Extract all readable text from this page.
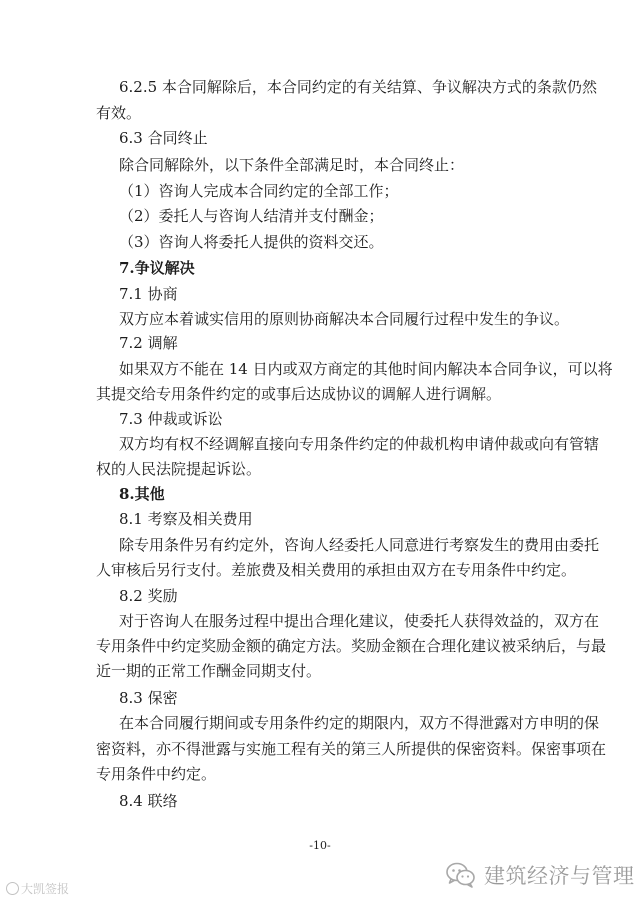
6.2.5 本合同解除后，本合同约定的有关结算、争议解决方式的条款仍然
有效。
6.3 合同终止
除合同解除外，以下条件全部满足时，本合同终止：
（1）咨询人完成本合同约定的全部工作；
（2）委托人与咨询人结清并支付酬金；
（3）咨询人将委托人提供的资料交还。
7.争议解决
7.1 协商
双方应本着诚实信用的原则协商解决本合同履行过程中发生的争议。
7.2 调解
如果双方不能在 14 日内或双方商定的其他时间内解决本合同争议，可以将
其提交给专用条件约定的或事后达成协议的调解人进行调解。
7.3 仲裁或诉讼
双方均有权不经调解直接向专用条件约定的仲裁机构申请仲裁或向有管辖
权的人民法院提起诉讼。
8.其他
8.1 考察及相关费用
除专用条件另有约定外，咨询人经委托人同意进行考察发生的费用由委托
人审核后另行支付。差旅费及相关费用的承担由双方在专用条件中约定。
8.2 奖励
对于咨询人在服务过程中提出合理化建议，使委托人获得效益的，双方在
专用条件中约定奖励金额的确定方法。奖励金额在合理化建议被采纳后，与最
近一期的正常工作酬金同期支付。
8.3 保密
在本合同履行期间或专用条件约定的期限内，双方不得泄露对方申明的保
密资料，亦不得泄露与实施工程有关的第三人所提供的保密资料。保密事项在
专用条件中约定。
8.4 联络
-10-
建筑经济与管理
大凯签报
